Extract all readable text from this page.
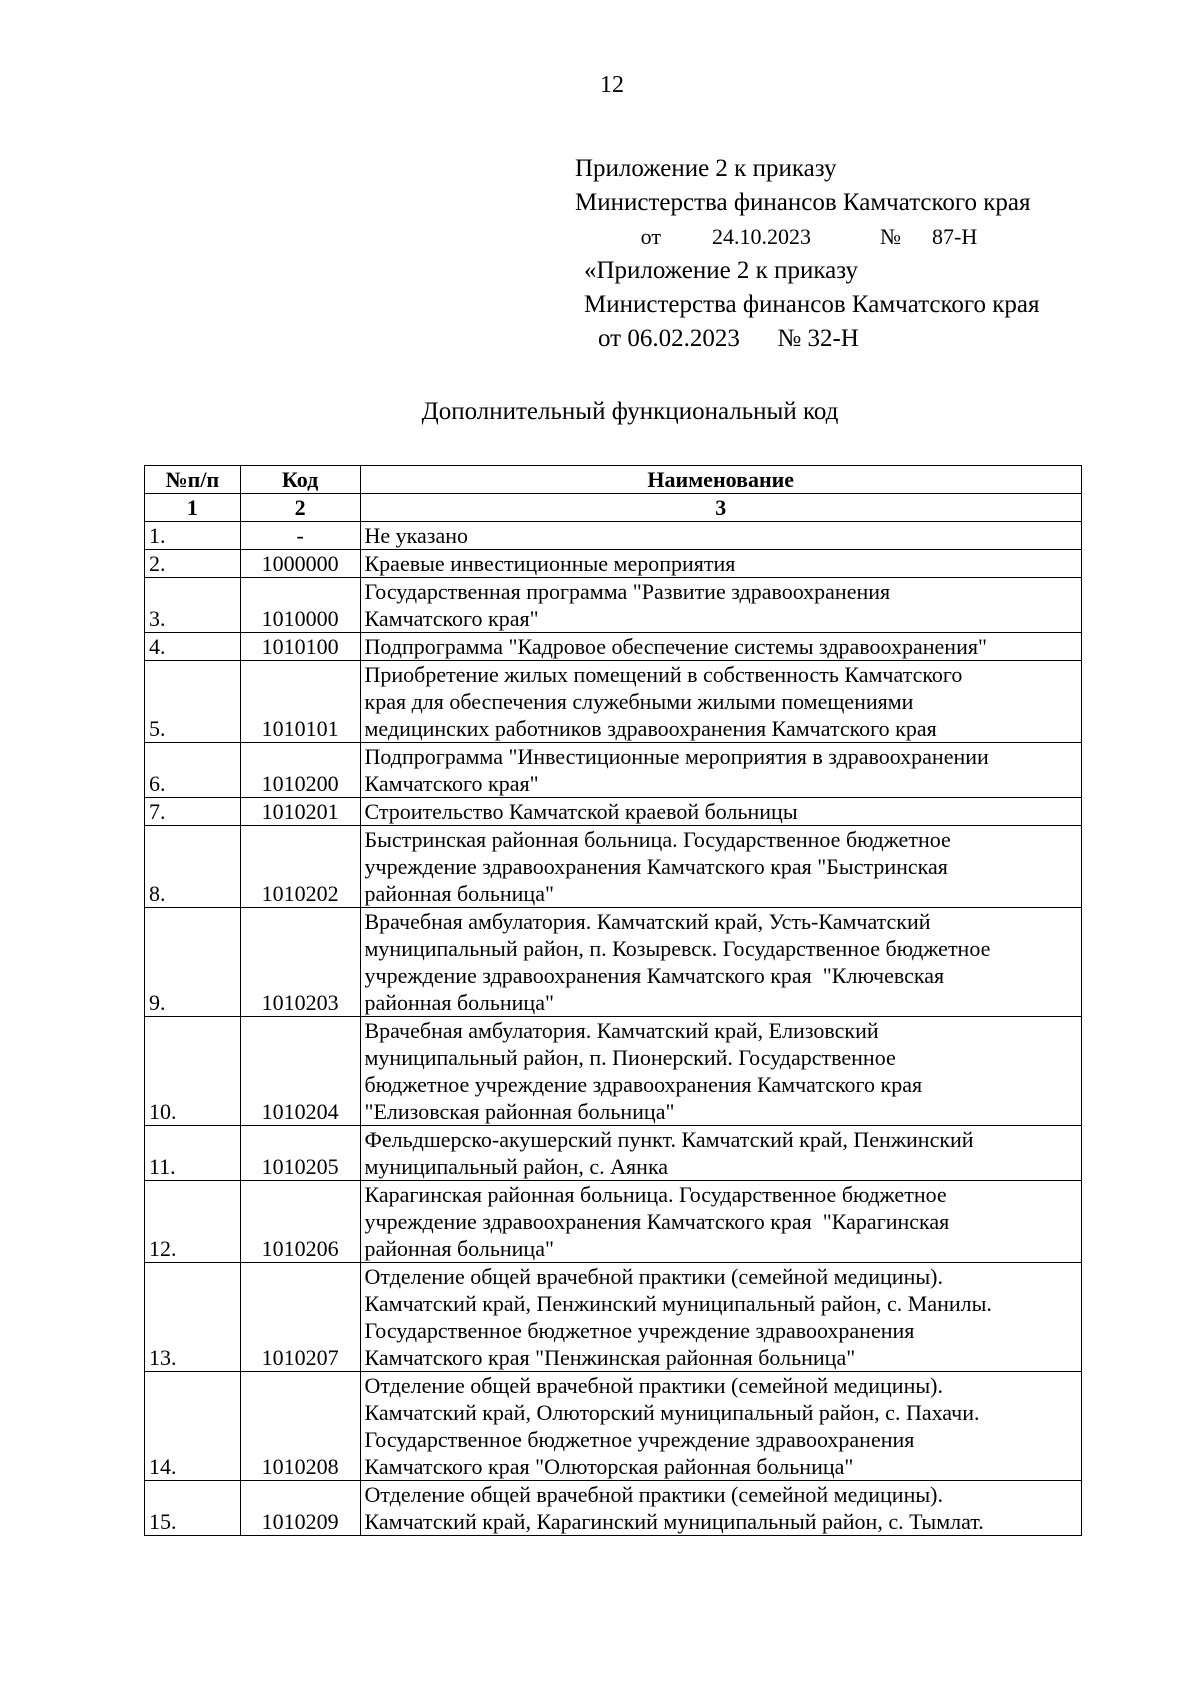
12
Приложение 2 к приказу
Министерства финансов Камчатского края
от 24.10.2023	№ 87-Н
«Приложение 2 к приказу
Министерства финансов Камчатского края
от 06.02.2023      № 32-Н
Дополнительный функциональный код
№п/п	Код	Наименование
1	2	3
1.	-	Не указано

2.	1000000	Краевые инвестиционные мероприятия

3.	1010000	Государственная программа "Развитие здравоохранения
Камчатского края"

4.	1010100	Подпрограмма "Кадровое обеспечение системы здравоохранения"

5.	1010101	Приобретение жилых помещений в собственность Камчатского
края для обеспечения служебными жилыми помещениями
медицинских работников здравоохранения Камчатского края

6.	1010200	Подпрограмма "Инвестиционные мероприятия в здравоохранении
Камчатского края"

7.	1010201	Строительство Камчатской краевой больницы

8.	1010202	Быстринская районная больница. Государственное бюджетное
учреждение здравоохранения Камчатского края "Быстринская
районная больница"

9.	1010203	Врачебная амбулатория. Камчатский край, Усть-Камчатский
муниципальный район, п. Козыревск. Государственное бюджетное
учреждение здравоохранения Камчатского края  "Ключевская
районная больница"

10.	1010204	Врачебная амбулатория. Камчатский край, Елизовский
муниципальный район, п. Пионерский. Государственное
бюджетное учреждение здравоохранения Камчатского края
"Елизовская районная больница"

11.	1010205	Фельдшерско-акушерский пункт. Камчатский край, Пенжинский
муниципальный район, с. Аянка

12.	1010206	Карагинская районная больница. Государственное бюджетное
учреждение здравоохранения Камчатского края  "Карагинская
районная больница"

13.	1010207	Отделение общей врачебной практики (семейной медицины).
Камчатский край, Пенжинский муниципальный район, с. Манилы.
Государственное бюджетное учреждение здравоохранения
Камчатского края "Пенжинская районная больница"

14.	1010208	Отделение общей врачебной практики (семейной медицины).
Камчатский край, Олюторский муниципальный район, с. Пахачи.
Государственное бюджетное учреждение здравоохранения
Камчатского края "Олюторская районная больница"

15.	1010209	Отделение общей врачебной практики (семейной медицины).
Камчатский край, Карагинский муниципальный район, с. Тымлат.
